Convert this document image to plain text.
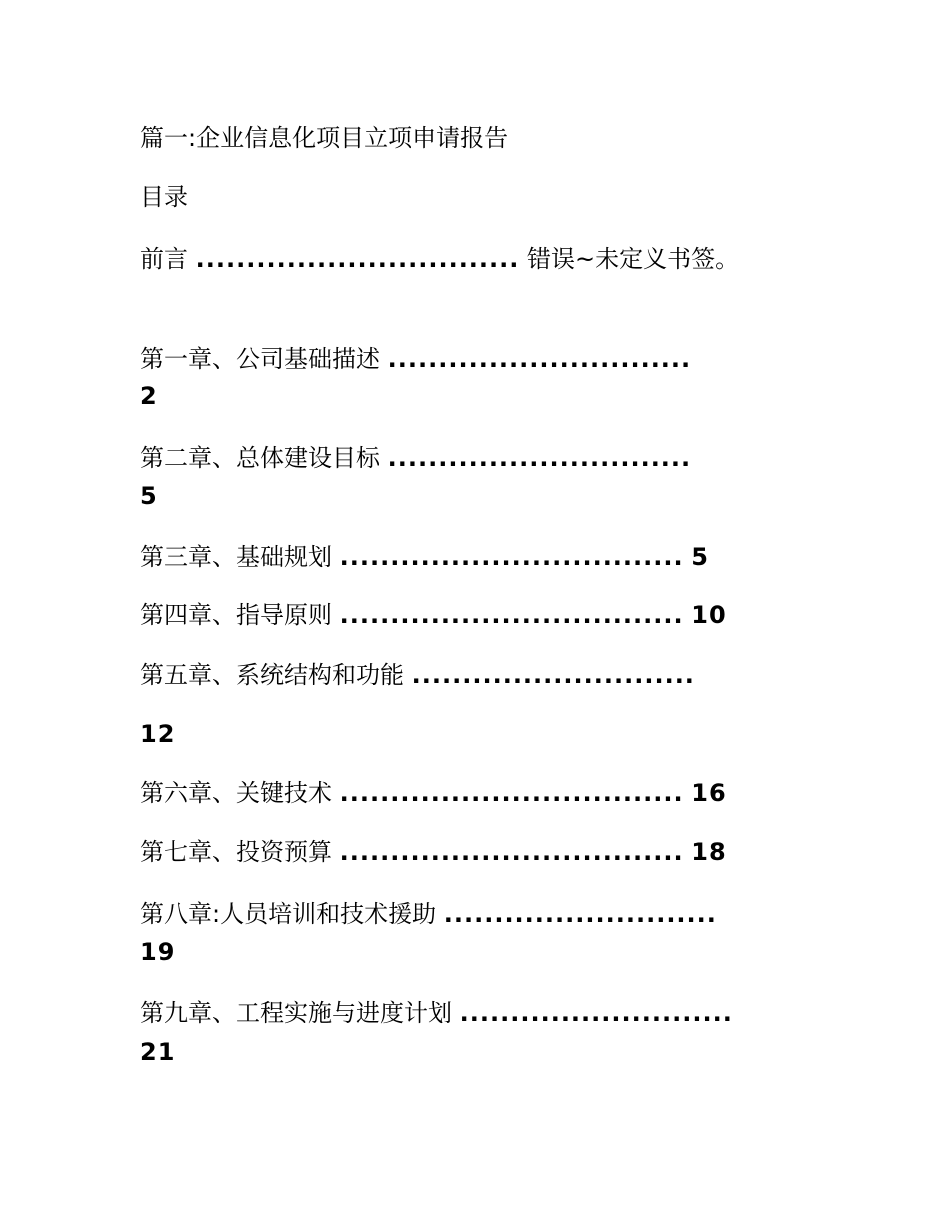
篇一:企业信息化项目立项申请报告
目录
前言 ................................ 错误~未定义书签。
第一章、公司基础描述 ..............................
2
第二章、总体建设目标 ..............................
5
第三章、基础规划 .................................. 5
第四章、指导原则 .................................. 10
第五章、系统结构和功能 ............................
12
第六章、关键技术 .................................. 16
第七章、投资预算 .................................. 18
第八章:人员培训和技术援助 ...........................
19
第九章、工程实施与进度计划 ...........................
21
